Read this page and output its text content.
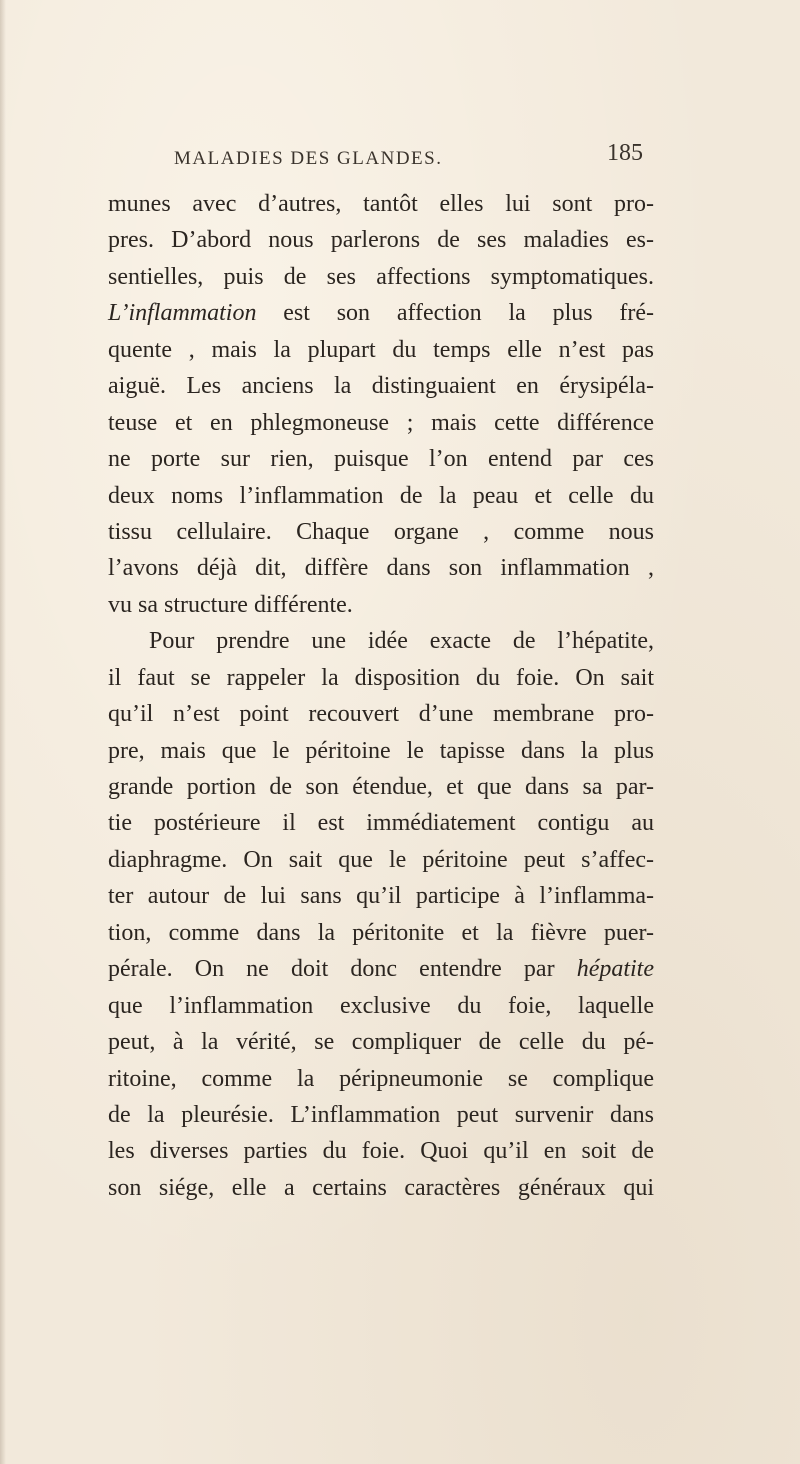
MALADIES DES GLANDES.	185
munes avec d’autres, tantôt elles lui sont pro-
pres. D’abord nous parlerons de ses maladies es-
sentielles, puis de ses affections symptomatiques.
L’inflammation est son affection la plus fré-
quente , mais la plupart du temps elle n’est pas
aiguë. Les anciens la distinguaient en érysipéla-
teuse et en phlegmoneuse ; mais cette différence
ne porte sur rien, puisque l’on entend par ces
deux noms l’inflammation de la peau et celle du
tissu cellulaire. Chaque organe , comme nous
l’avons déjà dit, diffère dans son inflammation ,
vu sa structure différente.
Pour prendre une idée exacte de l’hépatite,
il faut se rappeler la disposition du foie. On sait
qu’il n’est point recouvert d’une membrane pro-
pre, mais que le péritoine le tapisse dans la plus
grande portion de son étendue, et que dans sa par-
tie postérieure il est immédiatement contigu au
diaphragme. On sait que le péritoine peut s’affec-
ter autour de lui sans qu’il participe à l’inflamma-
tion, comme dans la péritonite et la fièvre puer-
pérale. On ne doit donc entendre par hépatite
que l’inflammation exclusive du foie, laquelle
peut, à la vérité, se compliquer de celle du pé-
ritoine, comme la péripneumonie se complique
de la pleurésie. L’inflammation peut survenir dans
les diverses parties du foie. Quoi qu’il en soit de
son siége, elle a certains caractères généraux qui
